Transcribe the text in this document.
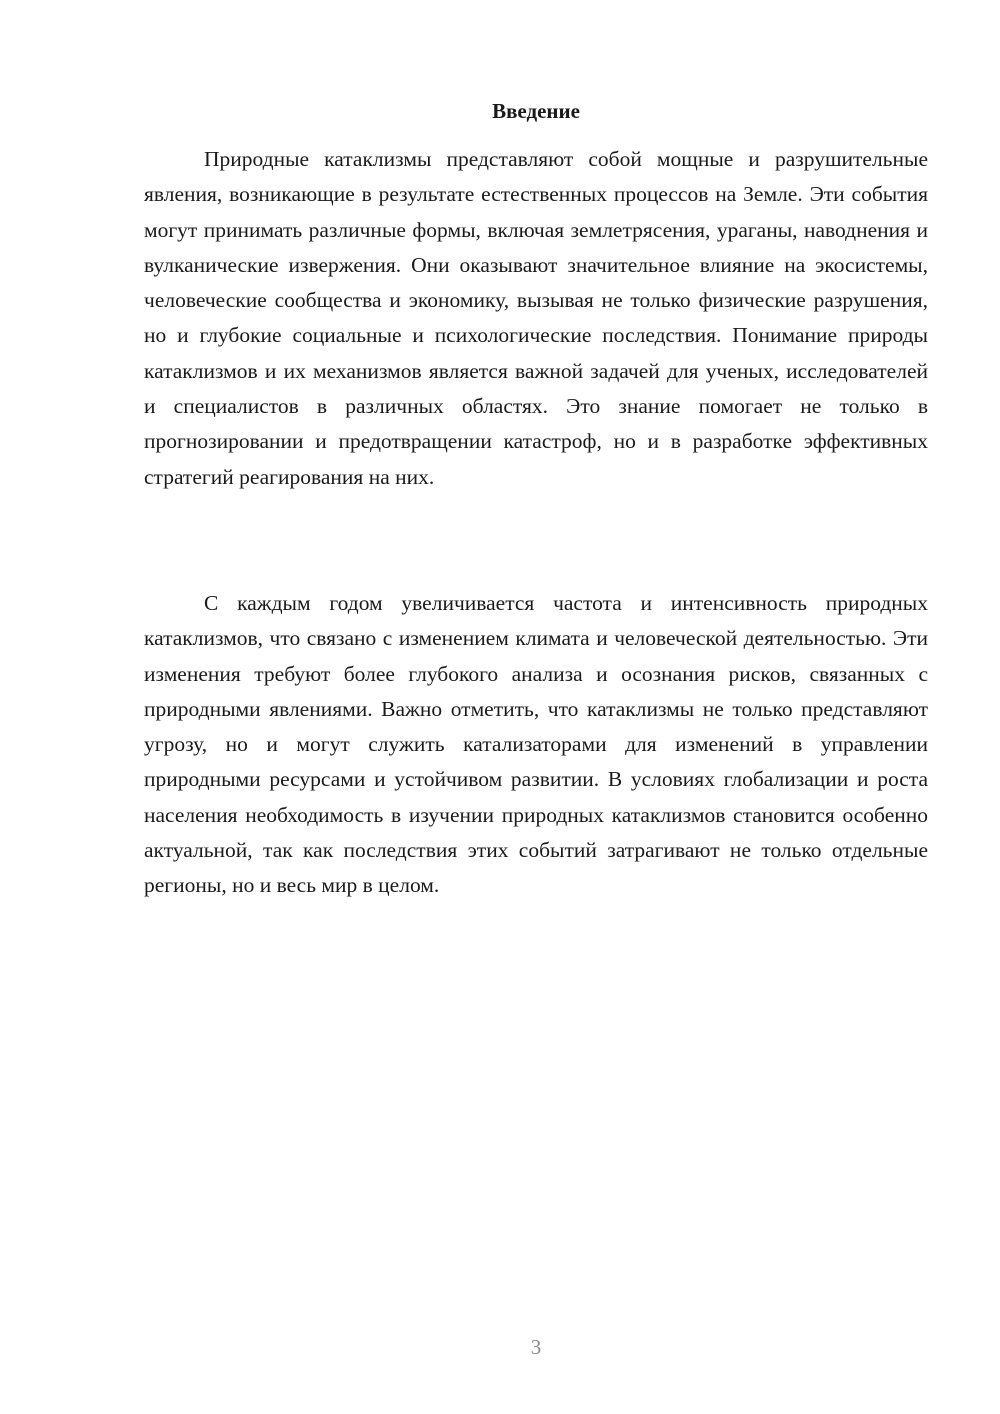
Введение

Природные катаклизмы представляют собой мощные и разрушительные явления, возникающие в результате естественных процессов на Земле. Эти события могут принимать различные формы, включая землетрясения, ураганы, наводнения и вулканические извержения. Они оказывают значительное влияние на экосистемы, человеческие сообщества и экономику, вызывая не только физические разрушения, но и глубокие социальные и психологические последствия. Понимание природы катаклизмов и их механизмов является важной задачей для ученых, исследователей и специалистов в различных областях. Это знание помогает не только в прогнозировании и предотвращении катастроф, но и в разработке эффективных стратегий реагирования на них.

С каждым годом увеличивается частота и интенсивность природных катаклизмов, что связано с изменением климата и человеческой деятельностью. Эти изменения требуют более глубокого анализа и осознания рисков, связанных с природными явлениями. Важно отметить, что катаклизмы не только представляют угрозу, но и могут служить катализаторами для изменений в управлении природными ресурсами и устойчивом развитии. В условиях глобализации и роста населения необходимость в изучении природных катаклизмов становится особенно актуальной, так как последствия этих событий затрагивают не только отдельные регионы, но и весь мир в целом.

3
